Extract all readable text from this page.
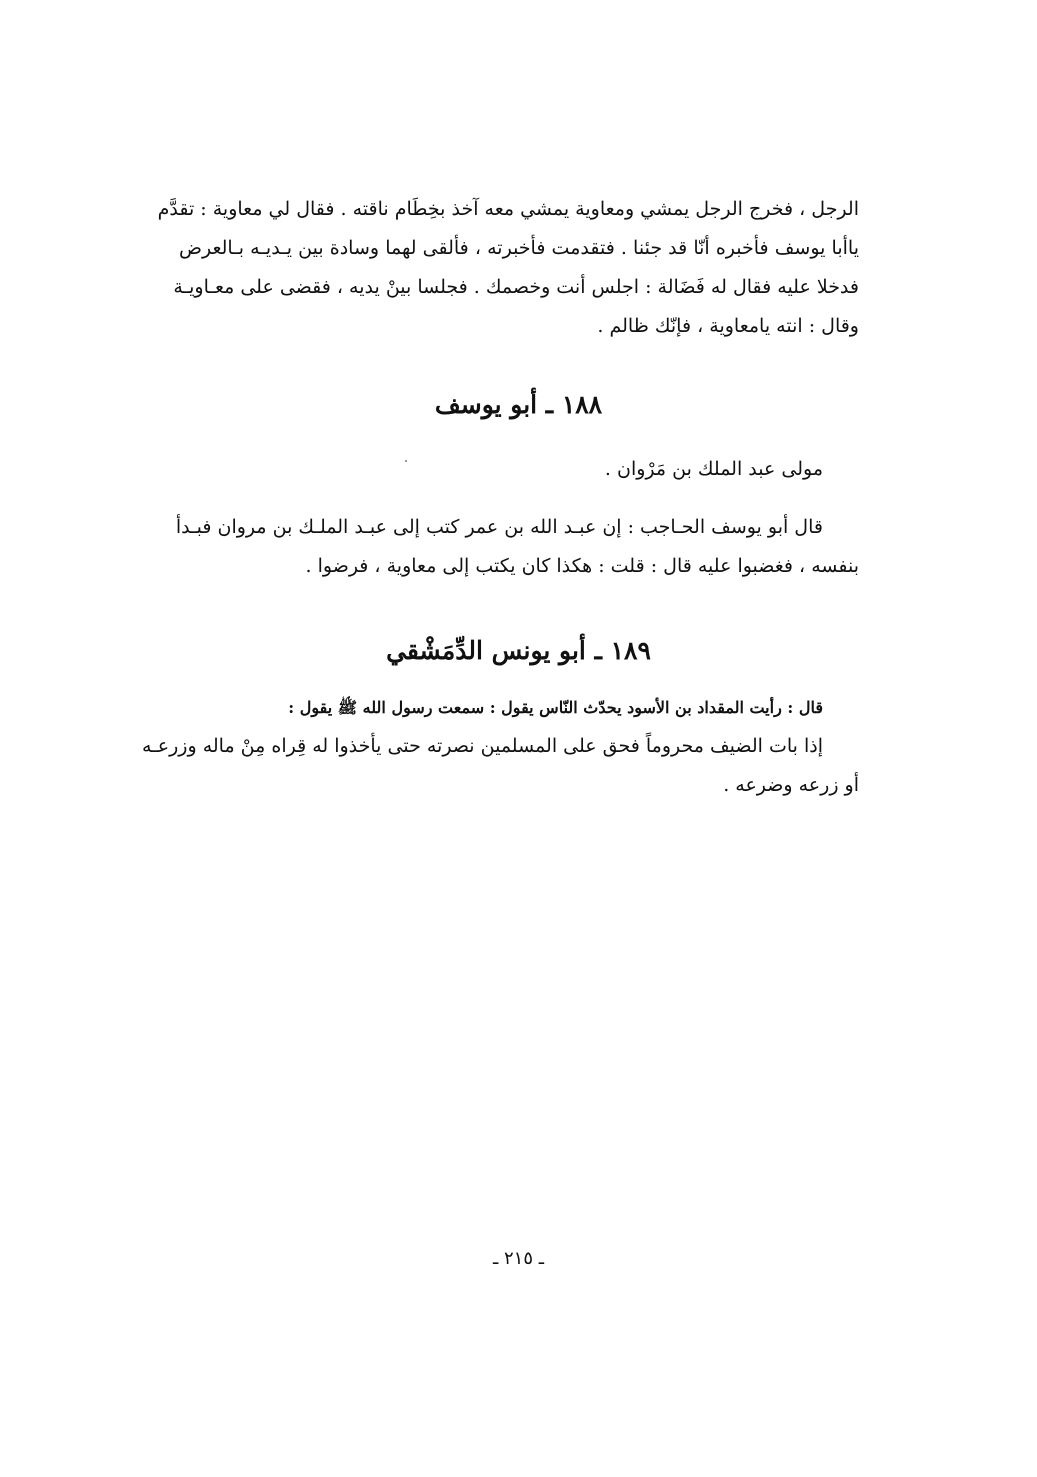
الرجل ، فخرج الرجل يمشي ومعاوية يمشي معه آخذ بخِطَام ناقته . فقال لي معاوية : تقدَّم
ياأبا يوسف فأخبره أنّا قد جئنا . فتقدمت فأخبرته ، فألقى لهما وسادة بين يـديـه بـالعرض
فدخلا عليه فقال له فَضَالة : اجلس أنت وخصمك . فجلسا بينْ يديه ، فقضى على معـاويـة
وقال : انته يامعاوية ، فإنّك ظالم .
١٨٨ ـ أبو يوسف
مولى عبد الملك بن مَرْوان .
قال أبو يوسف الحـاجب : إن عبـد الله بن عمر كتب إلى عبـد الملـك بن مروان فبـدأ
بنفسه ، فغضبوا عليه قال : قلت : هكذا كان يكتب إلى معاوية ، فرضوا .
١٨٩ ـ أبو يونس الدِّمَشْقي
قال : رأيت المقداد بن الأسود يحدّث النّاس يقول : سمعت رسول الله ﷺ يقول :
إذا بات الضيف محروماً فحق على المسلمين نصرته حتى يأخذوا له قِراه مِنْ ماله وزرعـه
أو زرعه وضرعه .
ـ ٢١٥ ـ
